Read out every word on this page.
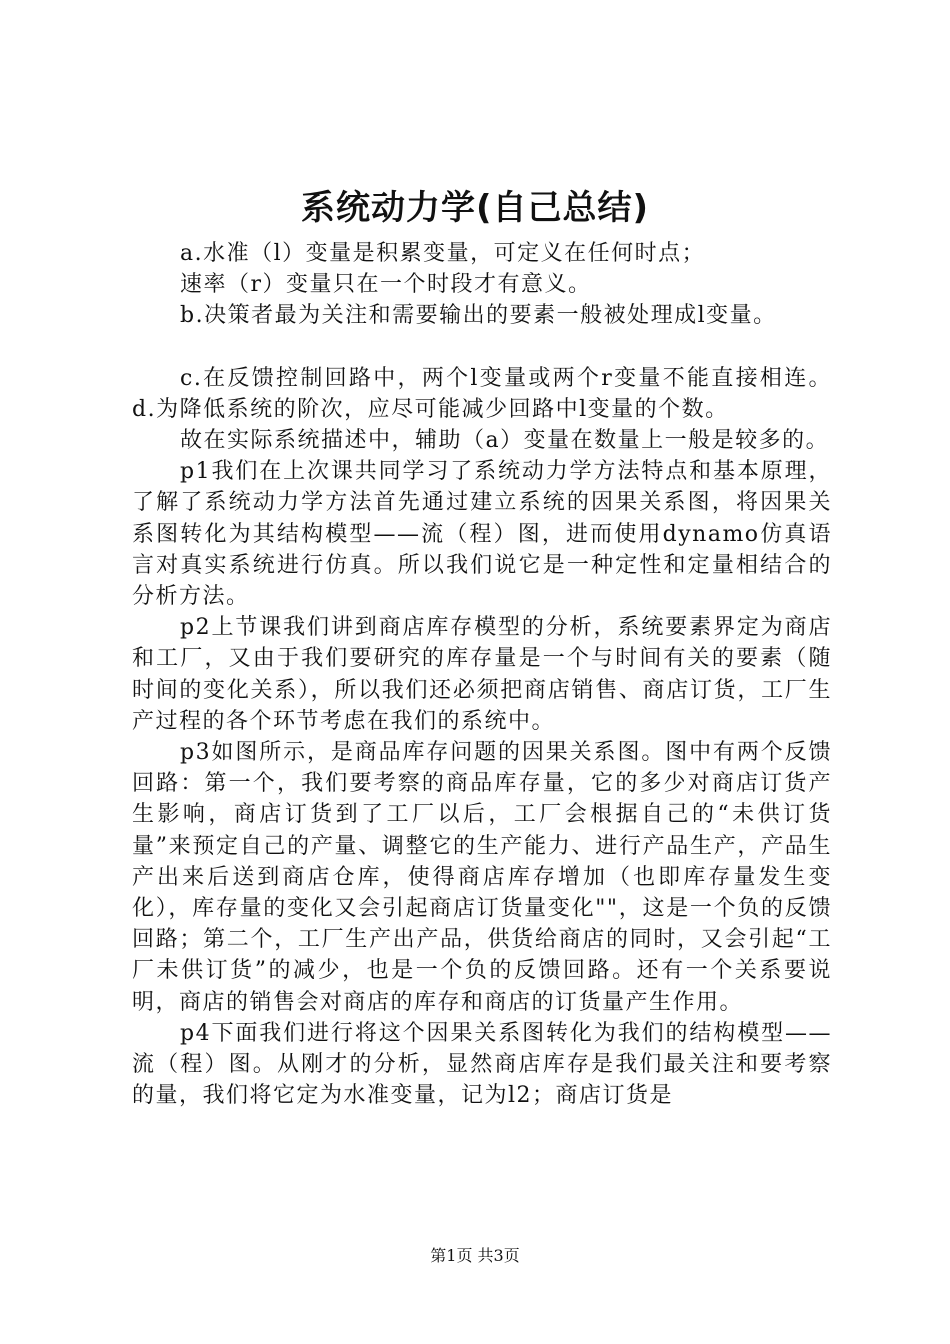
系统动力学(自己总结)

a.水准（l）变量是积累变量，可定义在任何时点；

速率（r）变量只在一个时段才有意义。

b.决策者最为关注和需要输出的要素一般被处理成l变量。

c.在反馈控制回路中，两个l变量或两个r变量不能直接相连。d.为降低系统的阶次，应尽可能减少回路中l变量的个数。

故在实际系统描述中，辅助（a）变量在数量上一般是较多的。

p1我们在上次课共同学习了系统动力学方法特点和基本原理，了解了系统动力学方法首先通过建立系统的因果关系图，将因果关系图转化为其结构模型——流（程）图，进而使用dynamo仿真语言对真实系统进行仿真。所以我们说它是一种定性和定量相结合的分析方法。

p2上节课我们讲到商店库存模型的分析，系统要素界定为商店和工厂，又由于我们要研究的库存量是一个与时间有关的要素（随时间的变化关系），所以我们还必须把商店销售、商店订货，工厂生产过程的各个环节考虑在我们的系统中。

p3如图所示，是商品库存问题的因果关系图。图中有两个反馈回路：第一个，我们要考察的商品库存量，它的多少对商店订货产生影响，商店订货到了工厂以后，工厂会根据自己的“未供订货量”来预定自己的产量、调整它的生产能力、进行产品生产，产品生产出来后送到商店仓库，使得商店库存增加（也即库存量发生变化），库存量的变化又会引起商店订货量变化""，这是一个负的反馈回路；第二个，工厂生产出产品，供货给商店的同时，又会引起“工厂未供订货”的减少，也是一个负的反馈回路。还有一个关系要说明，商店的销售会对商店的库存和商店的订货量产生作用。

p4下面我们进行将这个因果关系图转化为我们的结构模型——流（程）图。从刚才的分析，显然商店库存是我们最关注和要考察的量，我们将它定为水准变量，记为l2；商店订货是

第1页 共3页
